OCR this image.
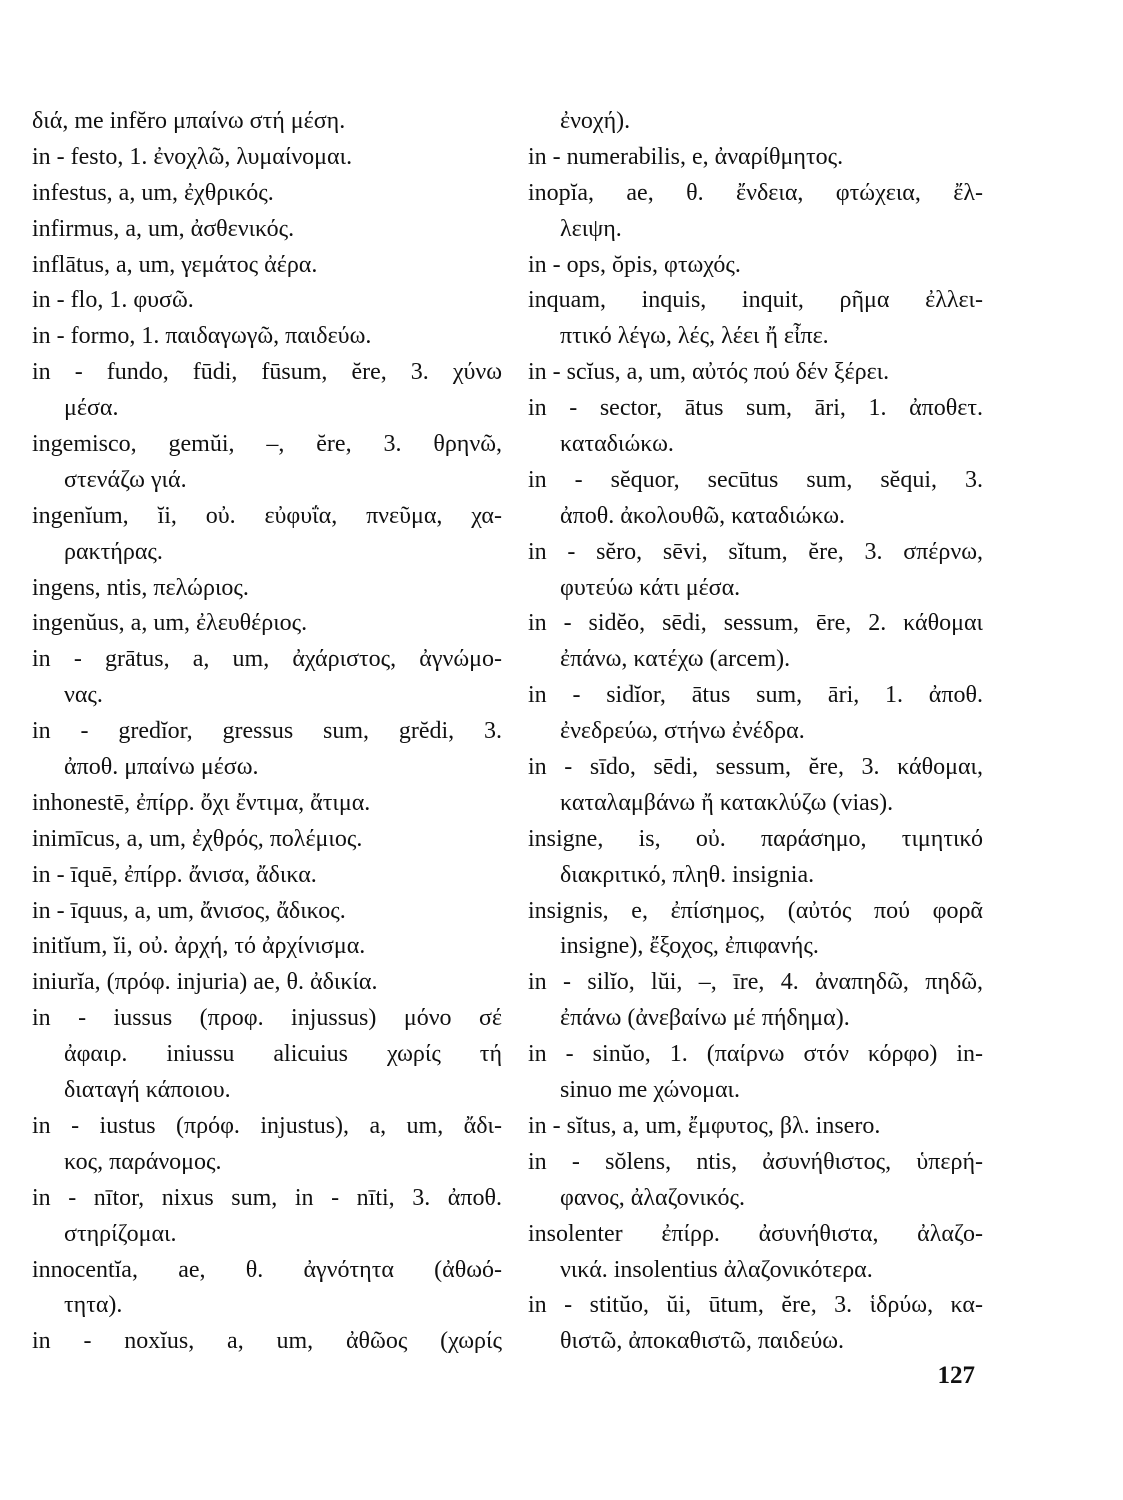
διά, me infĕro μπαίνω στή μέση.
in - festo, 1. ἐνοχλῶ, λυμαίνομαι.
infestus, a, um, ἐχθρικός.
infirmus, a, um, ἀσθενικός.
inflātus, a, um, γεμάτος ἀέρα.
in - flo, 1. φυσῶ.
in - formo, 1. παιδαγωγῶ, παιδεύω.
in - fundo, fūdi, fūsum, ĕre, 3. χύνω
μέσα.
ingemisco, gemŭi, –, ĕre, 3. θρηνῶ,
στενάζω γιά.
ingenĭum, ĭi, οὐ. εὐφυΐα, πνεῦμα, χα-
ρακτήρας.
ingens, ntis, πελώριος.
ingenŭus, a, um, ἐλευθέριος.
in - grātus, a, um, ἀχάριστος, ἀγνώμο-
νας.
in - gredĭor, gressus sum, grĕdi, 3.
ἀποθ. μπαίνω μέσω.
inhonestē, ἐπίρρ. ὄχι ἔντιμα, ἄτιμα.
inimīcus, a, um, ἐχθρός, πολέμιος.
in - īquē, ἐπίρρ. ἄνισα, ἄδικα.
in - īquus, a, um, ἄνισος, ἄδικος.
initĭum, ĭi, οὐ. ἀρχή, τό ἀρχίνισμα.
iniurĭa, (πρόφ. injuria) ae, θ. ἀδικία.
in - iussus (προφ. injussus) μόνο σέ
ἀφαιρ. iniussu alicuius χωρίς τή
διαταγή κάποιου.
in - iustus (πρόφ. injustus), a, um, ἄδι-
κος, παράνομος.
in - nītor, nixus sum, in - nīti, 3. ἀποθ.
στηρίζομαι.
innocentĭa, ae, θ. ἀγνότητα (ἀθωό-
τητα).
in - noxĭus, a, um, ἀθῶος (χωρίς
ἐνοχή).
in - numerabilis, e, ἀναρίθμητος.
inopĭa, ae, θ. ἔνδεια, φτώχεια, ἔλ-
λειψη.
in - ops, ŏpis, φτωχός.
inquam, inquis, inquit, ρῆμα ἐλλει-
πτικό λέγω, λές, λέει ἤ εἶπε.
in - scĭus, a, um, αὐτός πού δέν ξέρει.
in - sector, ātus sum, āri, 1. ἀποθετ.
καταδιώκω.
in - sĕquor, secūtus sum, sĕqui, 3.
ἀποθ. ἀκολουθῶ, καταδιώκω.
in - sĕro, sēvi, sĭtum, ĕre, 3. σπέρνω,
φυτεύω κάτι μέσα.
in - sidĕo, sēdi, sessum, ēre, 2. κάθομαι
ἐπάνω, κατέχω (arcem).
in - sidĭor, ātus sum, āri, 1. ἀποθ.
ἐνεδρεύω, στήνω ἐνέδρα.
in - sīdo, sēdi, sessum, ĕre, 3. κάθομαι,
καταλαμβάνω ἤ κατακλύζω (vias).
insigne, is, οὐ. παράσημο, τιμητικό
διακριτικό, πληθ. insignia.
insignis, e, ἐπίσημος, (αὐτός πού φορᾶ
insigne), ἔξοχος, ἐπιφανής.
in - silĭo, lŭi, –, īre, 4. ἀναπηδῶ, πηδῶ,
ἐπάνω (ἀνεβαίνω μέ πήδημα).
in - sinŭo, 1. (παίρνω στόν κόρφο) in-
sinuo me χώνομαι.
in - sĭtus, a, um, ἔμφυτος, βλ. insero.
in - sŏlens, ntis, ἀσυνήθιστος, ὑπερή-
φανος, ἀλαζονικός.
insolenter ἐπίρρ. ἀσυνήθιστα, ἀλαζο-
νικά. insolentius ἀλαζονικότερα.
in - stitŭo, ŭi, ūtum, ĕre, 3. ἱδρύω, κα-
θιστῶ, ἀποκαθιστῶ, παιδεύω.
127
